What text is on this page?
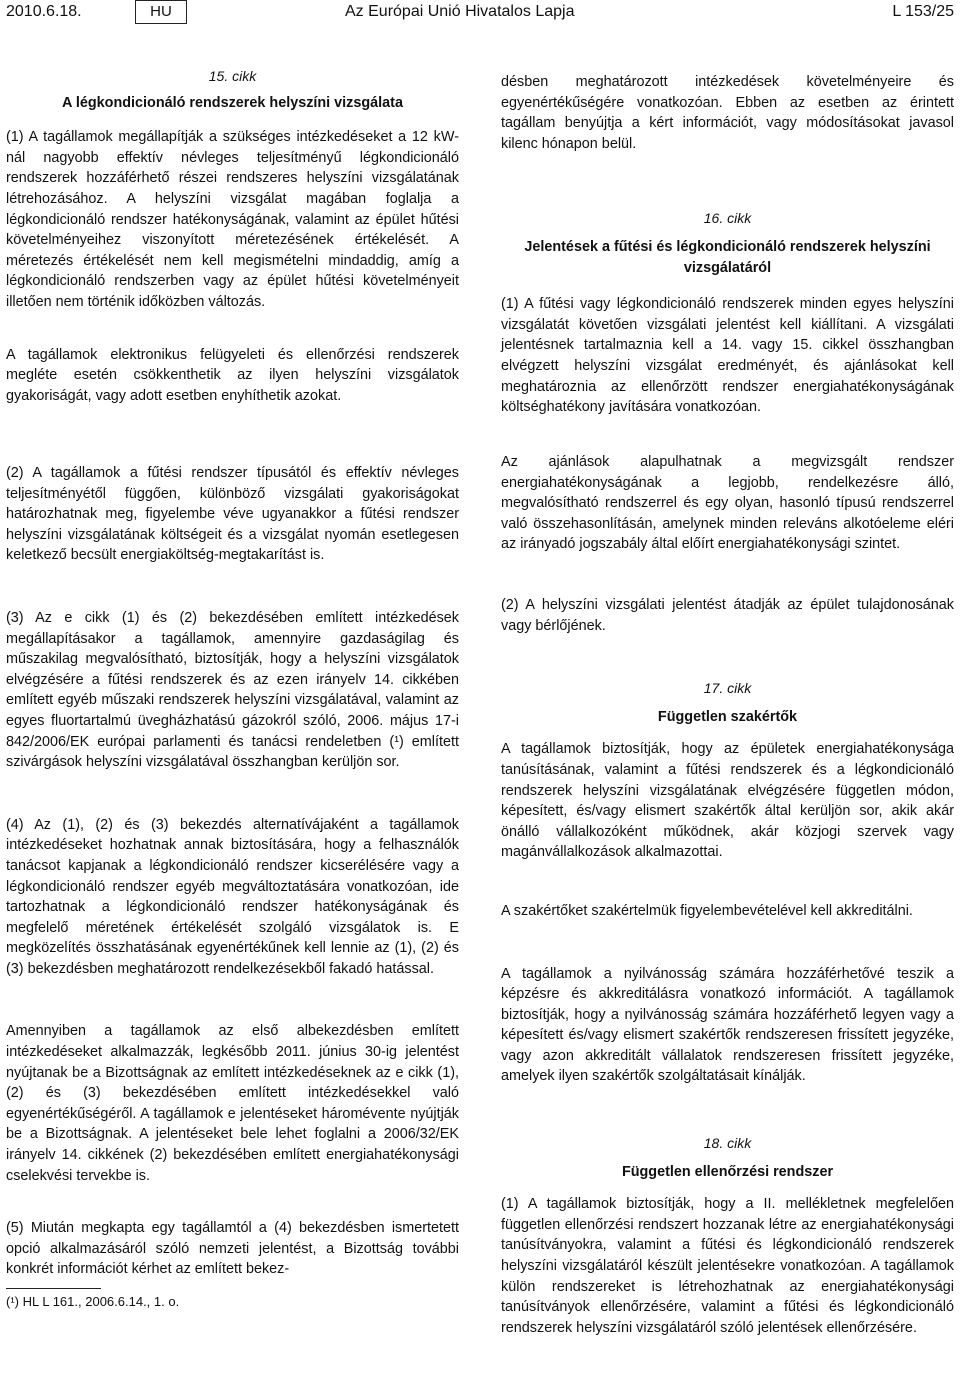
2010.6.18.	HU	Az Európai Unió Hivatalos Lapja	L 153/25

15. cikk

A légkondicionáló rendszerek helyszíni vizsgálata

(1) A tagállamok megállapítják a szükséges intézkedéseket a 12 kW-nál nagyobb effektív névleges teljesítményű légkondicionáló rendszerek hozzáférhető részei rendszeres helyszíni vizsgálatának létrehozásához. A helyszíni vizsgálat magában foglalja a légkondicionáló rendszer hatékonyságának, valamint az épület hűtési követelményeihez viszonyított méretezésének értékelését. A méretezés értékelését nem kell megismételni mindaddig, amíg a légkondicionáló rendszerben vagy az épület hűtési követelményeit illetően nem történik időközben változás.

A tagállamok elektronikus felügyeleti és ellenőrzési rendszerek megléte esetén csökkenthetik az ilyen helyszíni vizsgálatok gyakoriságát, vagy adott esetben enyhíthetik azokat.

désben meghatározott intézkedések követelményeire és egyenértékűségére vonatkozóan. Ebben az esetben az érintett tagállam benyújtja a kért információt, vagy módosításokat javasol kilenc hónapon belül.

16. cikk

Jelentések a fűtési és légkondicionáló rendszerek helyszíni vizsgálatáról

(1) A fűtési vagy légkondicionáló rendszerek minden egyes helyszíni vizsgálatát követően vizsgálati jelentést kell kiállítani. A vizsgálati jelentésnek tartalmaznia kell a 14. vagy 15. cikkel összhangban elvégzett helyszíni vizsgálat eredményét, és ajánlásokat kell meghatároznia az ellenőrzött rendszer energiahatékonyságának költséghatékony javítására vonatkozóan.

(2) A tagállamok a fűtési rendszer típusától és effektív névleges teljesítményétől függően, különböző vizsgálati gyakoriságokat határozhatnak meg, figyelembe véve ugyanakkor a fűtési rendszer helyszíni vizsgálatának költségeit és a vizsgálat nyomán esetlegesen keletkező becsült energiaköltség-megtakarítást is.

(3) Az e cikk (1) és (2) bekezdésében említett intézkedések megállapításakor a tagállamok, amennyire gazdaságilag és műszakilag megvalósítható, biztosítják, hogy a helyszíni vizsgálatok elvégzésére a fűtési rendszerek és az ezen irányelv 14. cikkében említett egyéb műszaki rendszerek helyszíni vizsgálatával, valamint az egyes fluortartalmú üvegházhatású gázokról szóló, 2006. május 17-i 842/2006/EK európai parlamenti és tanácsi rendeletben (¹) említett szivárgások helyszíni vizsgálatával összhangban kerüljön sor.

(4) Az (1), (2) és (3) bekezdés alternatívájaként a tagállamok intézkedéseket hozhatnak annak biztosítására, hogy a felhasználók tanácsot kapjanak a légkondicionáló rendszer kicserélésére vagy a légkondicionáló rendszer egyéb megváltoztatására vonatkozóan, ide tartozhatnak a légkondicionáló rendszer hatékonyságának és megfelelő méretének értékelését szolgáló vizsgálatok is. E megközelítés összhatásának egyenértékűnek kell lennie az (1), (2) és (3) bekezdésben meghatározott rendelkezésekből fakadó hatással.

Amennyiben a tagállamok az első albekezdésben említett intézkedéseket alkalmazzák, legkésőbb 2011. június 30-ig jelentést nyújtanak be a Bizottságnak az említett intézkedéseknek az e cikk (1), (2) és (3) bekezdésében említett intézkedésekkel való egyenértékűségéről. A tagállamok e jelentéseket háromévente nyújtják be a Bizottságnak. A jelentéseket bele lehet foglalni a 2006/32/EK irányelv 14. cikkének (2) bekezdésében említett energiahatékonysági cselekvési tervekbe is.

(5) Miután megkapta egy tagállamtól a (4) bekezdésben ismertetett opció alkalmazásáról szóló nemzeti jelentést, a Bizottság további konkrét információt kérhet az említett bekez-

(¹) HL L 161., 2006.6.14., 1. o.

Az ajánlások alapulhatnak a megvizsgált rendszer energiahatékonyságának a legjobb, rendelkezésre álló, megvalósítható rendszerrel és egy olyan, hasonló típusú rendszerrel való összehasonlításán, amelynek minden releváns alkotóeleme eléri az irányadó jogszabály által előírt energiahatékonysági szintet.

(2) A helyszíni vizsgálati jelentést átadják az épület tulajdonosának vagy bérlőjének.

17. cikk

Független szakértők

A tagállamok biztosítják, hogy az épületek energiahatékonysága tanúsításának, valamint a fűtési rendszerek és a légkondicionáló rendszerek helyszíni vizsgálatának elvégzésére független módon, képesített, és/vagy elismert szakértők által kerüljön sor, akik akár önálló vállalkozóként működnek, akár közjogi szervek vagy magánvállalkozások alkalmazottai.

A szakértőket szakértelmük figyelembevételével kell akkreditálni.

A tagállamok a nyilvánosság számára hozzáférhetővé teszik a képzésre és akkreditálásra vonatkozó információt. A tagállamok biztosítják, hogy a nyilvánosság számára hozzáférhető legyen vagy a képesített és/vagy elismert szakértők rendszeresen frissített jegyzéke, vagy azon akkreditált vállalatok rendszeresen frissített jegyzéke, amelyek ilyen szakértők szolgáltatásait kínálják.

18. cikk

Független ellenőrzési rendszer

(1) A tagállamok biztosítják, hogy a II. mellékletnek megfelelően független ellenőrzési rendszert hozzanak létre az energiahatékonysági tanúsítványokra, valamint a fűtési és légkondicionáló rendszerek helyszíni vizsgálatáról készült jelentésekre vonatkozóan. A tagállamok külön rendszereket is létrehozhatnak az energiahatékonysági tanúsítványok ellenőrzésére, valamint a fűtési és légkondicionáló rendszerek helyszíni vizsgálatáról szóló jelentések ellenőrzésére.
